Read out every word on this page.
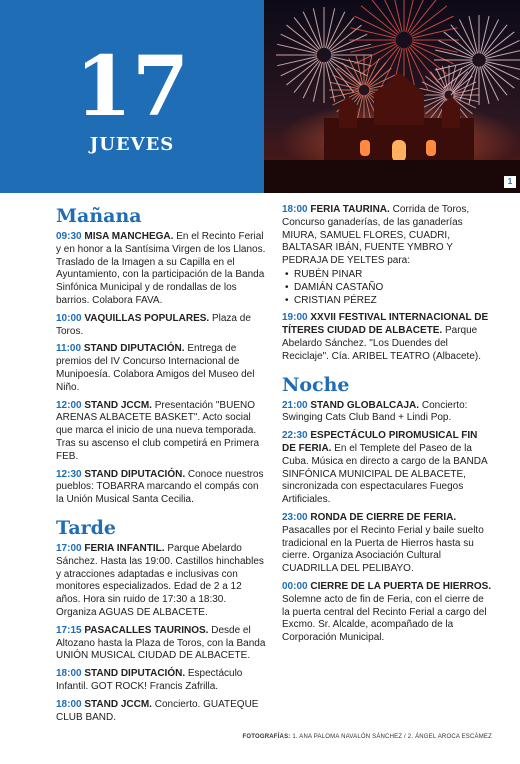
17
JUEVES
1
Mañana
09:30 MISA MANCHEGA. En el Recinto Ferial y en honor a la Santísima Virgen de los Llanos. Traslado de la Imagen a su Capilla en el Ayuntamiento, con la participación de la Banda Sinfónica Municipal y de rondallas de los barrios. Colabora FAVA.
10:00 VAQUILLAS POPULARES. Plaza de Toros.
11:00 STAND DIPUTACIÓN. Entrega de premios del IV Concurso Internacional de Munipoesía. Colabora Amigos del Museo del Niño.
12:00 STAND JCCM. Presentación "BUENO ARENAS ALBACETE BASKET". Acto social que marca el inicio de una nueva temporada. Tras su ascenso el club competirá en Primera FEB.
12:30 STAND DIPUTACIÓN. Conoce nuestros pueblos: TOBARRA marcando el compás con la Unión Musical Santa Cecilia.
Tarde
17:00 FERIA INFANTIL. Parque Abelardo Sánchez. Hasta las 19:00. Castillos hinchables y atracciones adaptadas e inclusivas con monitores especializados. Edad de 2 a 12 años. Hora sin ruido de 17:30 a 18:30. Organiza AGUAS DE ALBACETE.
17:15 PASACALLES TAURINOS. Desde el Altozano hasta la Plaza de Toros, con la Banda UNIÓN MUSICAL CIUDAD DE ALBACETE.
18:00 STAND DIPUTACIÓN. Espectáculo Infantil. GOT ROCK! Francis Zafrilla.
18:00 STAND JCCM. Concierto. GUATEQUE CLUB BAND.
18:00 FERIA TAURINA. Corrida de Toros, Concurso ganaderías, de las ganaderías MIURA, SAMUEL FLORES, CUADRI, BALTASAR IBÁN, FUENTE YMBRO Y PEDRAJA DE YELTES para:
• RUBÉN PINAR
• DAMIÁN CASTAÑO
• CRISTIAN PÉREZ
19:00 XXVII FESTIVAL INTERNACIONAL DE TÍTERES CIUDAD DE ALBACETE. Parque Abelardo Sánchez. "Los Duendes del Reciclaje". Cía. ARIBEL TEATRO (Albacete).
Noche
21:00 STAND GLOBALCAJA. Concierto: Swinging Cats Club Band + Lindi Pop.
22:30 ESPECTÁCULO PIROMUSICAL FIN DE FERIA. En el Templete del Paseo de la Cuba. Música en directo a cargo de la BANDA SINFÓNICA MUNICIPAL DE ALBACETE, sincronizada con espectaculares Fuegos Artificiales.
23:00 RONDA DE CIERRE DE FERIA. Pasacalles por el Recinto Ferial y baile suelto tradicional en la Puerta de Hierros hasta su cierre. Organiza Asociación Cultural CUADRILLA DEL PELIBAYO.
00:00 CIERRE DE LA PUERTA DE HIERROS. Solemne acto de fin de Feria, con el cierre de la puerta central del Recinto Ferial a cargo del Excmo. Sr. Alcalde, acompañado de la Corporación Municipal.
FOTOGRAFÍAS: 1. ANA PALOMA NAVALÓN SÁNCHEZ / 2. ÁNGEL AROCA ESCÁMEZ
